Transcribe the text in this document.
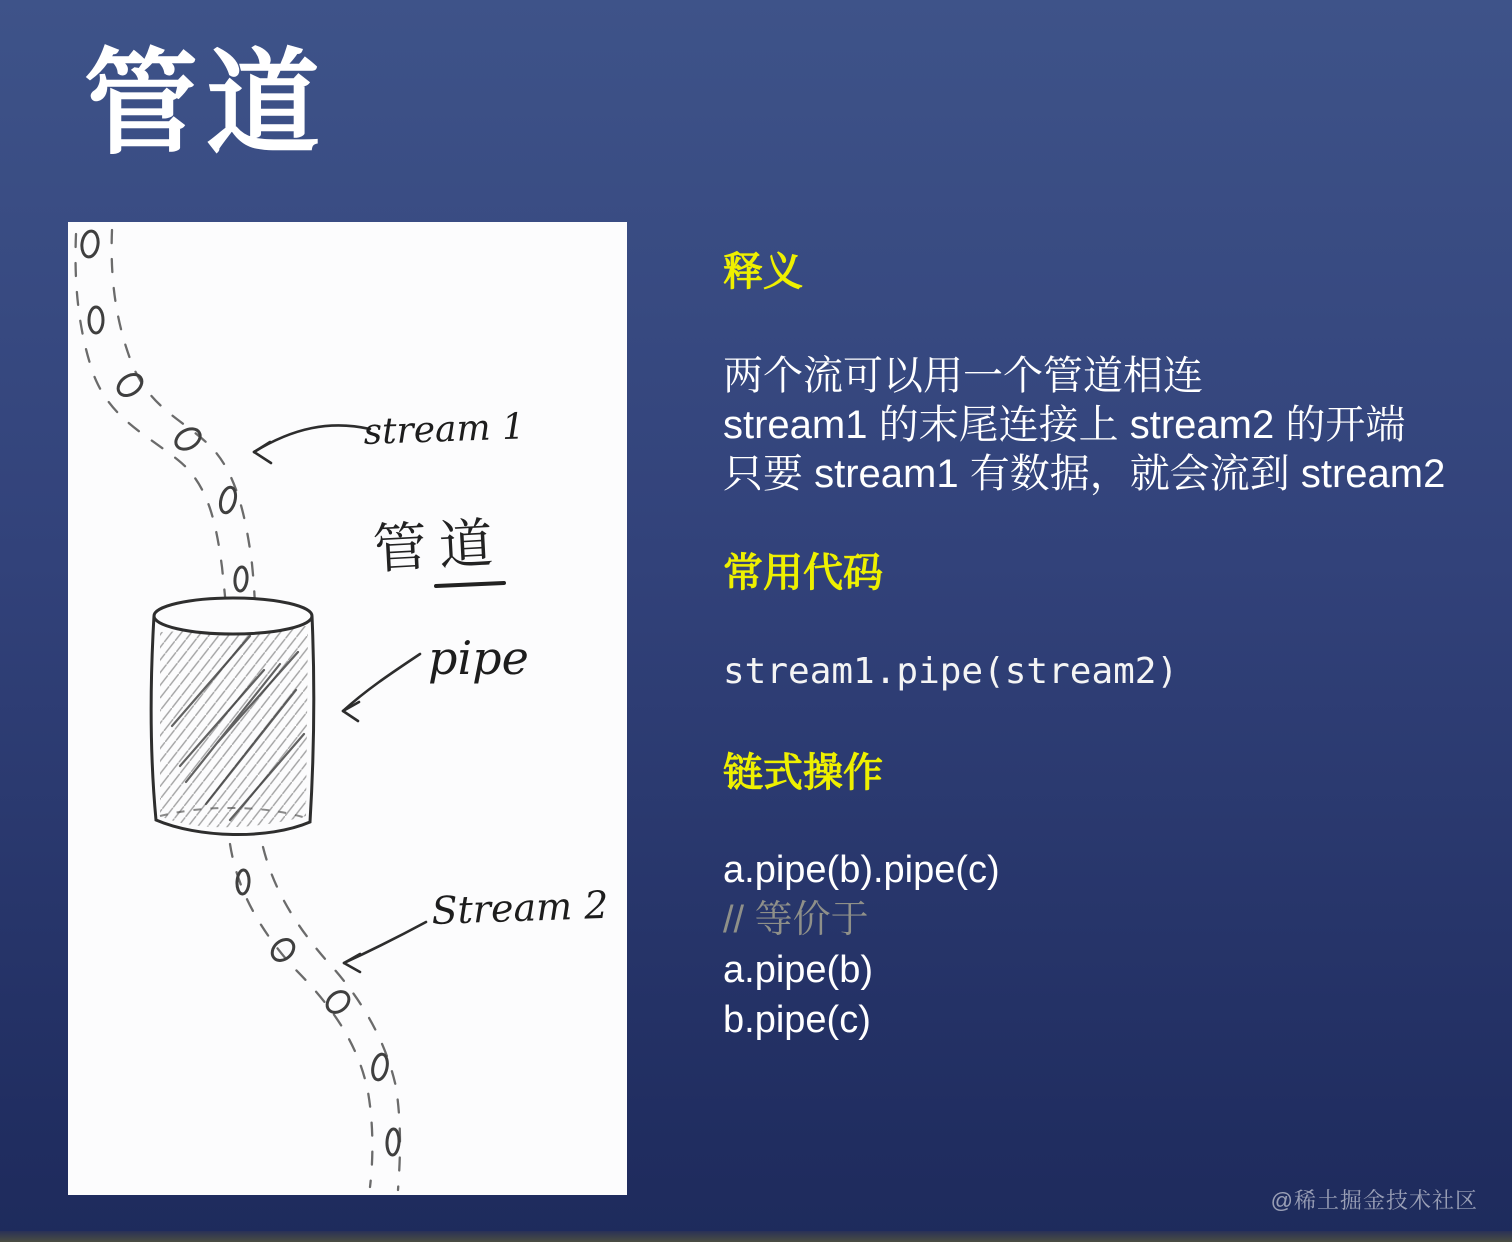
管道
stream 1
管道
pipe
Stream 2
释义
两个流可以用一个管道相连
stream1 的末尾连接上 stream2 的开端
只要 stream1 有数据，就会流到 stream2
常用代码
stream1.pipe(stream2)
链式操作
a.pipe(b).pipe(c)
// 等价于
a.pipe(b)
b.pipe(c)
@稀土掘金技术社区
